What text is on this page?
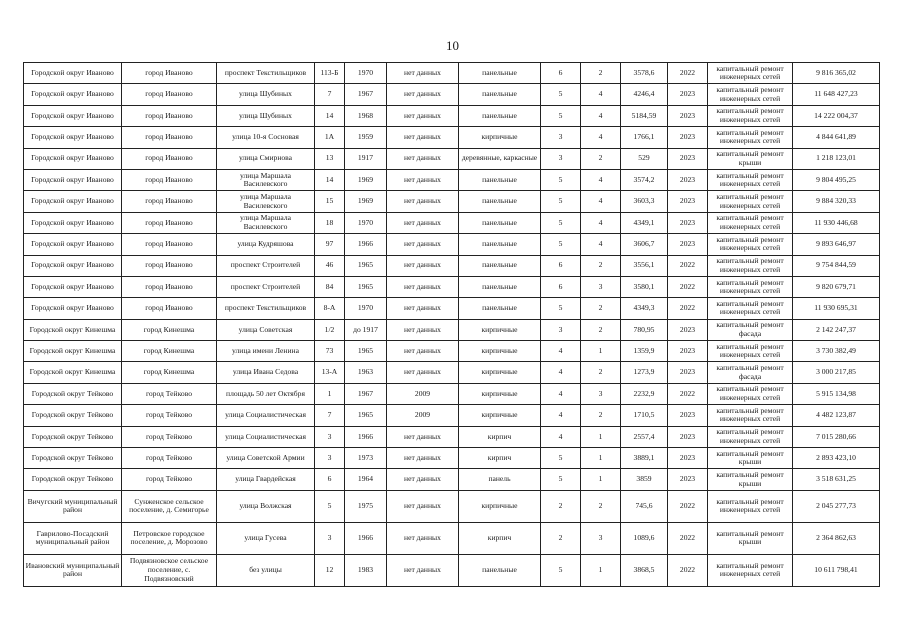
10
Городской округ Иваново	город Иваново	проспект Текстильщиков	113-Б	1970	нет данных	панельные	6	2	3578,6	2022	капитальный ремонт инженерных сетей	9 816 365,02
Городской округ Иваново	город Иваново	улица Шубиных	7	1967	нет данных	панельные	5	4	4246,4	2023	капитальный ремонт инженерных сетей	11 648 427,23
Городской округ Иваново	город Иваново	улица Шубиных	14	1968	нет данных	панельные	5	4	5184,59	2023	капитальный ремонт инженерных сетей	14 222 004,37
Городской округ Иваново	город Иваново	улица 10-я Сосновая	1А	1959	нет данных	кирпичные	3	4	1766,1	2023	капитальный ремонт инженерных сетей	4 844 641,89
Городской округ Иваново	город Иваново	улица Смирнова	13	1917	нет данных	деревянные, каркасные	3	2	529	2023	капитальный ремонт крыши	1 218 123,01
Городской округ Иваново	город Иваново	улица Маршала Василевского	14	1969	нет данных	панельные	5	4	3574,2	2023	капитальный ремонт инженерных сетей	9 804 495,25
Городской округ Иваново	город Иваново	улица Маршала Василевского	15	1969	нет данных	панельные	5	4	3603,3	2023	капитальный ремонт инженерных сетей	9 884 320,33
Городской округ Иваново	город Иваново	улица Маршала Василевского	18	1970	нет данных	панельные	5	4	4349,1	2023	капитальный ремонт инженерных сетей	11 930 446,68
Городской округ Иваново	город Иваново	улица Кудряшова	97	1966	нет данных	панельные	5	4	3606,7	2023	капитальный ремонт инженерных сетей	9 893 646,97
Городской округ Иваново	город Иваново	проспект Строителей	46	1965	нет данных	панельные	6	2	3556,1	2022	капитальный ремонт инженерных сетей	9 754 844,59
Городской округ Иваново	город Иваново	проспект Строителей	84	1965	нет данных	панельные	6	3	3580,1	2022	капитальный ремонт инженерных сетей	9 820 679,71
Городской округ Иваново	город Иваново	проспект Текстильщиков	8-А	1970	нет данных	панельные	5	2	4349,3	2022	капитальный ремонт инженерных сетей	11 930 695,31
Городской округ Кинешма	город Кинешма	улица Советская	1/2	до 1917	нет данных	кирпичные	3	2	780,95	2023	капитальный ремонт фасада	2 142 247,37
Городской округ Кинешма	город Кинешма	улица имени Ленина	73	1965	нет данных	кирпичные	4	1	1359,9	2023	капитальный ремонт инженерных сетей	3 730 382,49
Городской округ Кинешма	город Кинешма	улица Ивана Седова	13-А	1963	нет данных	кирпичные	4	2	1273,9	2023	капитальный ремонт фасада	3 000 217,85
Городской округ Тейково	город Тейково	площадь 50 лет Октября	1	1967	2009	кирпичные	4	3	2232,9	2022	капитальный ремонт инженерных сетей	5 915 134,98
Городской округ Тейково	город Тейково	улица Социалистическая	7	1965	2009	кирпичные	4	2	1710,5	2023	капитальный ремонт инженерных сетей	4 482 123,87
Городской округ Тейково	город Тейково	улица Социалистическая	3	1966	нет данных	кирпич	4	1	2557,4	2023	капитальный ремонт инженерных сетей	7 015 280,66
Городской округ Тейково	город Тейково	улица Советской Армии	3	1973	нет данных	кирпич	5	1	3889,1	2023	капитальный ремонт крыши	2 893 423,10
Городской округ Тейково	город Тейково	улица Гвардейская	6	1964	нет данных	панель	5	1	3859	2023	капитальный ремонт крыши	3 518 631,25
Вичугский муниципальный район	Сунженское сельское поселение, д. Семигорье	улица Волжская	5	1975	нет данных	кирпичные	2	2	745,6	2022	капитальный ремонт инженерных сетей	2 045 277,73
Гаврилово-Посадский муниципальный район	Петровское городское поселение, д. Морозово	улица Гусева	3	1966	нет данных	кирпич	2	3	1089,6	2022	капитальный ремонт крыши	2 364 862,63
Ивановский муниципальный район	Подвязновское сельское поселение, с. Подвязновский	без улицы	12	1983	нет данных	панельные	5	1	3868,5	2022	капитальный ремонт инженерных сетей	10 611 798,41
